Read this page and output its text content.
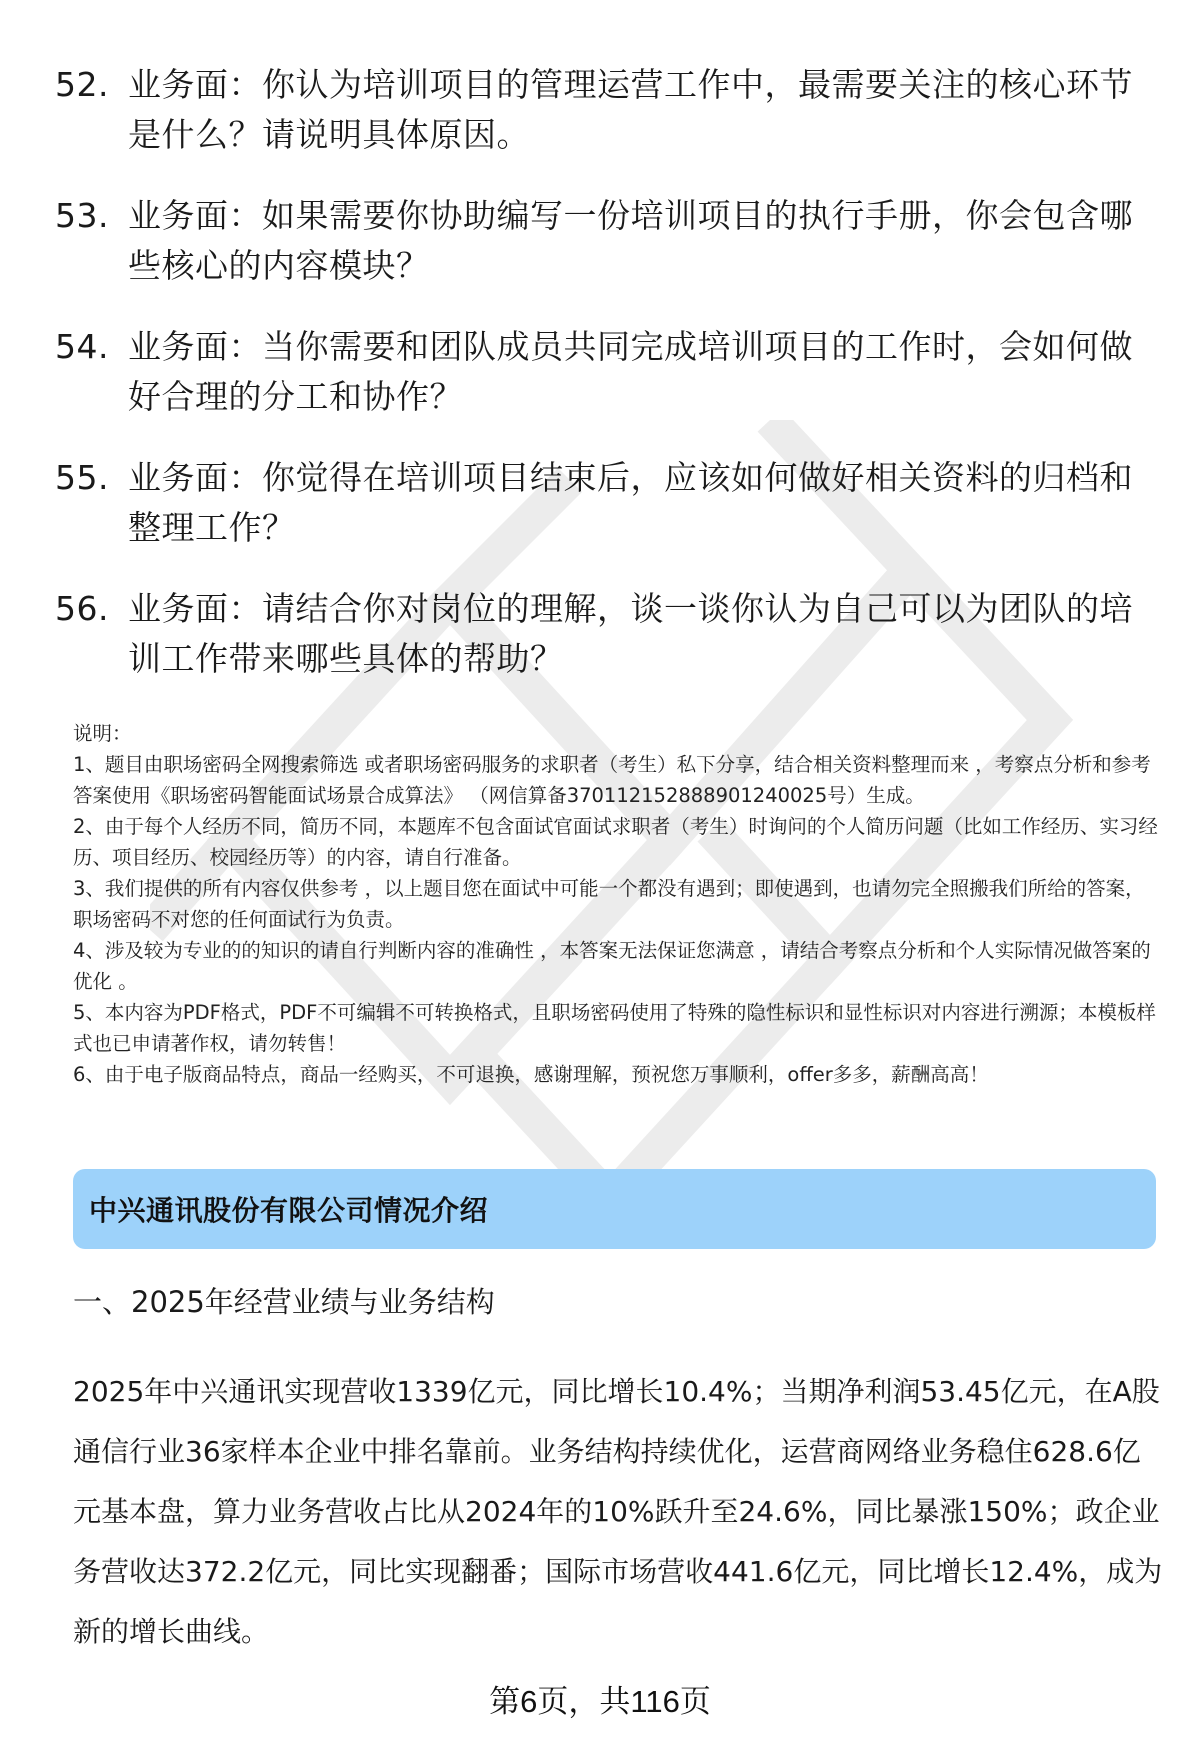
52. 业务面：你认为培训项目的管理运营工作中，最需要关注的核心环节是什么？请说明具体原因。
53. 业务面：如果需要你协助编写一份培训项目的执行手册，你会包含哪些核心的内容模块？
54. 业务面：当你需要和团队成员共同完成培训项目的工作时，会如何做好合理的分工和协作？
55. 业务面：你觉得在培训项目结束后，应该如何做好相关资料的归档和整理工作？
56. 业务面：请结合你对岗位的理解，谈一谈你认为自己可以为团队的培训工作带来哪些具体的帮助？

说明：

1、题目由职场密码全网搜索筛选 或者职场密码服务的求职者（考生）私下分享，结合相关资料整理而来 ，考察点分析和参考答案使用《职场密码智能面试场景合成算法》 （网信算备370112152888901240025号）生成。

2、由于每个人经历不同，简历不同，本题库不包含面试官面试求职者（考生）时询问的个人简历问题（比如工作经历、实习经历、项目经历、校园经历等）的内容，请自行准备。

3、我们提供的所有内容仅供参考 ，以上题目您在面试中可能一个都没有遇到；即使遇到，也请勿完全照搬我们所给的答案，职场密码不对您的任何面试行为负责。

4、涉及较为专业的的知识的请自行判断内容的准确性 ，本答案无法保证您满意 ，请结合考察点分析和个人实际情况做答案的优化 。

5、本内容为PDF格式，PDF不可编辑不可转换格式，且职场密码使用了特殊的隐性标识和显性标识对内容进行溯源；本模板样式也已申请著作权，请勿转售！

6、由于电子版商品特点，商品一经购买，不可退换，感谢理解，预祝您万事顺利，offer多多，薪酬高高！

中兴通讯股份有限公司情况介绍
一、2025年经营业绩与业务结构

2025年中兴通讯实现营收1339亿元，同比增长10.4%；当期净利润53.45亿元，在A股通信行业36家样本企业中排名靠前。业务结构持续优化，运营商网络业务稳住628.6亿元基本盘，算力业务营收占比从2024年的10%跃升至24.6%，同比暴涨150%；政企业务营收达372.2亿元，同比实现翻番；国际市场营收441.6亿元，同比增长12.4%，成为新的增长曲线。

第6页，共116页
